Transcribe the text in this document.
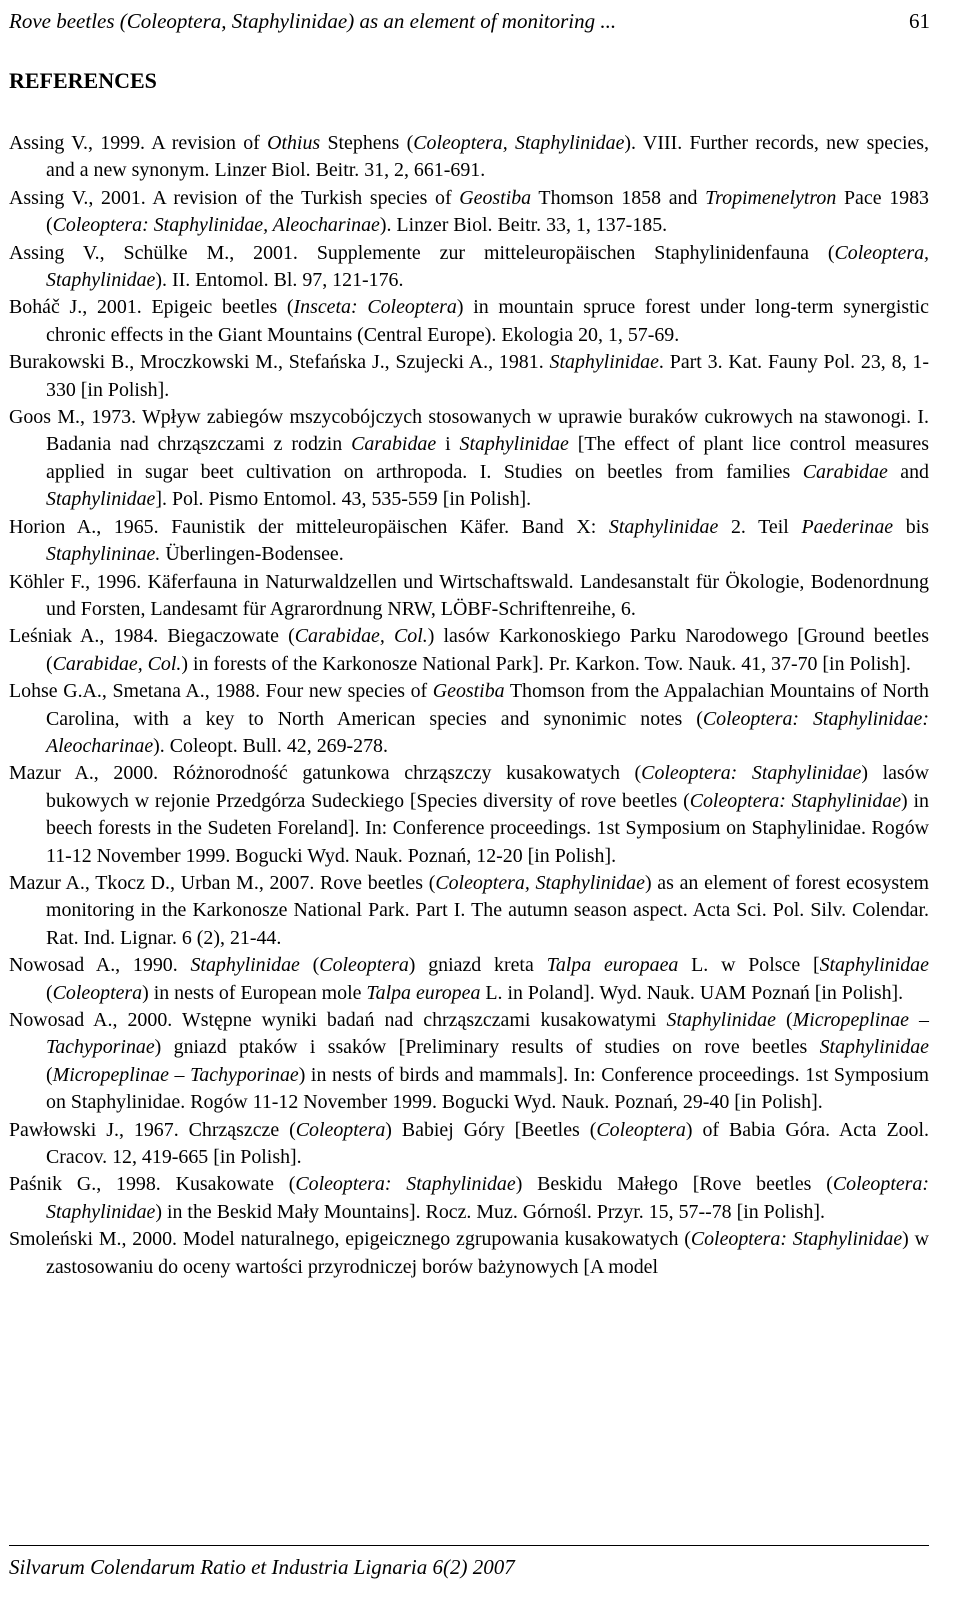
Rove beetles (Coleoptera, Staphylinidae) as an element of monitoring ...	61
REFERENCES
Assing V., 1999. A revision of Othius Stephens (Coleoptera, Staphylinidae). VIII. Further records, new species, and a new synonym. Linzer Biol. Beitr. 31, 2, 661-691.
Assing V., 2001. A revision of the Turkish species of Geostiba Thomson 1858 and Tropimenelytron Pace 1983 (Coleoptera: Staphylinidae, Aleocharinae). Linzer Biol. Beitr. 33, 1, 137-185.
Assing V., Schülke M., 2001. Supplemente zur mitteleuropäischen Staphylinidenfauna (Coleoptera, Staphylinidae). II. Entomol. Bl. 97, 121-176.
Boháč J., 2001. Epigeic beetles (Insceta: Coleoptera) in mountain spruce forest under long-term synergistic chronic effects in the Giant Mountains (Central Europe). Ekologia 20, 1, 57-69.
Burakowski B., Mroczkowski M., Stefańska J., Szujecki A., 1981. Staphylinidae. Part 3. Kat. Fauny Pol. 23, 8, 1-330 [in Polish].
Goos M., 1973. Wpływ zabiegów mszycobójczych stosowanych w uprawie buraków cukrowych na stawonogi. I. Badania nad chrząszczami z rodzin Carabidae i Staphylinidae [The effect of plant lice control measures applied in sugar beet cultivation on arthropoda. I. Studies on beetles from families Carabidae and Staphylinidae]. Pol. Pismo Entomol. 43, 535-559 [in Polish].
Horion A., 1965. Faunistik der mitteleuropäischen Käfer. Band X: Staphylinidae 2. Teil Paederinae bis Staphylininae. Überlingen-Bodensee.
Köhler F., 1996. Käferfauna in Naturwaldzellen und Wirtschaftswald. Landesanstalt für Ökologie, Bodenordnung und Forsten, Landesamt für Agrarordnung NRW, LÖBF-Schriftenreihe, 6.
Leśniak A., 1984. Biegaczowate (Carabidae, Col.) lasów Karkonoskiego Parku Narodowego [Ground beetles (Carabidae, Col.) in forests of the Karkonosze National Park]. Pr. Karkon. Tow. Nauk. 41, 37-70 [in Polish].
Lohse G.A., Smetana A., 1988. Four new species of Geostiba Thomson from the Appalachian Mountains of North Carolina, with a key to North American species and synonimic notes (Coleoptera: Staphylinidae: Aleocharinae). Coleopt. Bull. 42, 269-278.
Mazur A., 2000. Różnorodność gatunkowa chrząszczy kusakowatych (Coleoptera: Staphylinidae) lasów bukowych w rejonie Przedgórza Sudeckiego [Species diversity of rove beetles (Coleoptera: Staphylinidae) in beech forests in the Sudeten Foreland]. In: Conference proceedings. 1st Symposium on Staphylinidae. Rogów 11-12 November 1999. Bogucki Wyd. Nauk. Poznań, 12-20 [in Polish].
Mazur A., Tkocz D., Urban M., 2007. Rove beetles (Coleoptera, Staphylinidae) as an element of forest ecosystem monitoring in the Karkonosze National Park. Part I. The autumn season aspect. Acta Sci. Pol. Silv. Colendar. Rat. Ind. Lignar. 6 (2), 21-44.
Nowosad A., 1990. Staphylinidae (Coleoptera) gniazd kreta Talpa europaea L. w Polsce [Staphylinidae (Coleoptera) in nests of European mole Talpa europea L. in Poland]. Wyd. Nauk. UAM Poznań [in Polish].
Nowosad A., 2000. Wstępne wyniki badań nad chrząszczami kusakowatymi Staphylinidae (Micropeplinae – Tachyporinae) gniazd ptaków i ssaków [Preliminary results of studies on rove beetles Staphylinidae (Micropeplinae – Tachyporinae) in nests of birds and mammals]. In: Conference proceedings. 1st Symposium on Staphylinidae. Rogów 11-12 November 1999. Bogucki Wyd. Nauk. Poznań, 29-40 [in Polish].
Pawłowski J., 1967. Chrząszcze (Coleoptera) Babiej Góry [Beetles (Coleoptera) of Babia Góra. Acta Zool. Cracov. 12, 419-665 [in Polish].
Paśnik G., 1998. Kusakowate (Coleoptera: Staphylinidae) Beskidu Małego [Rove beetles (Coleoptera: Staphylinidae) in the Beskid Mały Mountains]. Rocz. Muz. Górnośl. Przyr. 15, 57--78 [in Polish].
Smoleński M., 2000. Model naturalnego, epigeicznego zgrupowania kusakowatych (Coleoptera: Staphylinidae) w zastosowaniu do oceny wartości przyrodniczej borów bażynowych [A model
Silvarum Colendarum Ratio et Industria Lignaria 6(2) 2007
